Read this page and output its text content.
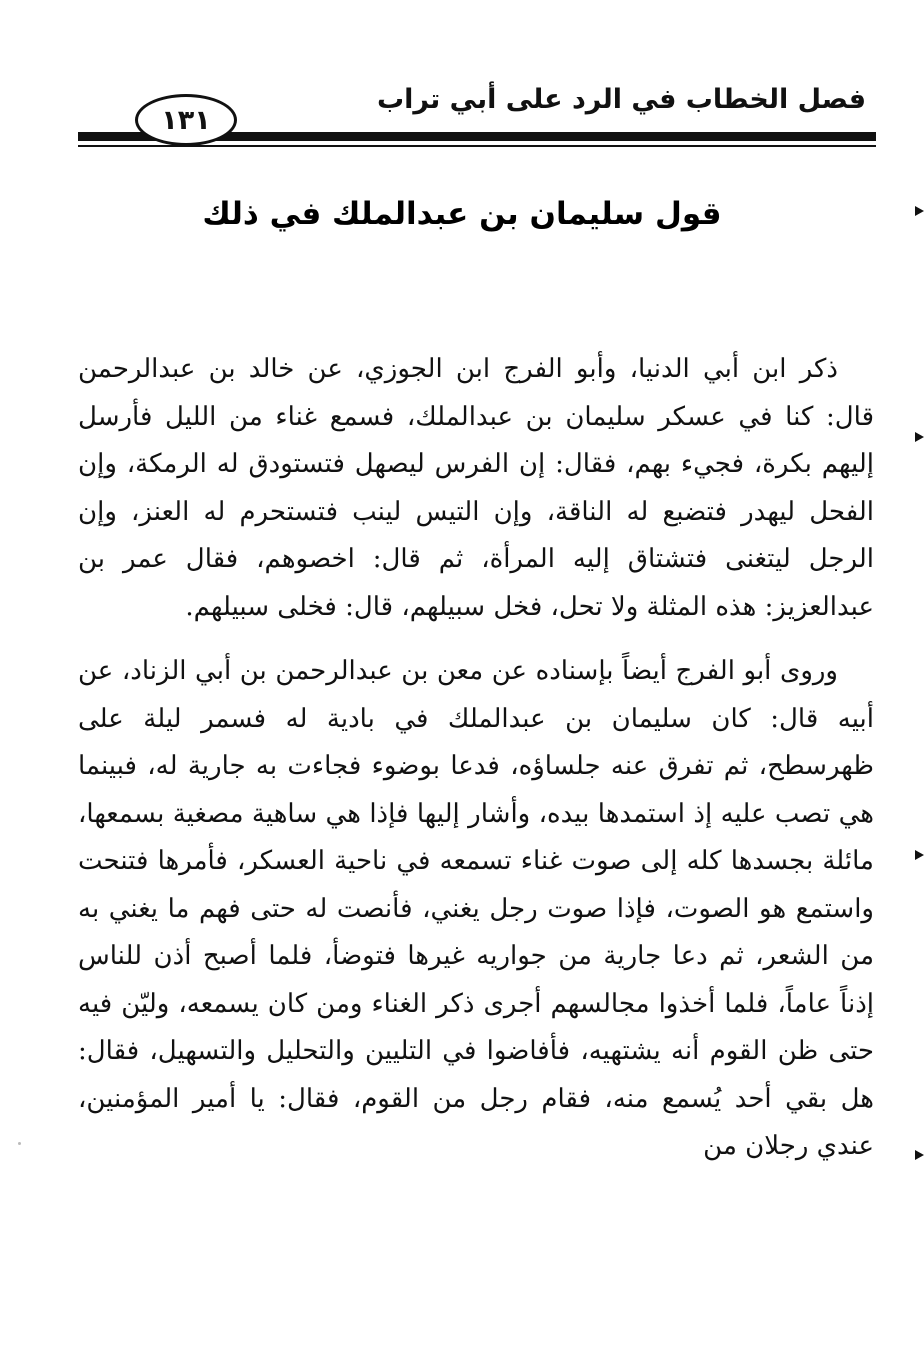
فصل الخطاب في الرد على أبي تراب
١٣١
قول سليمان بن عبدالملك في ذلك

ذكر ابن أبي الدنيا، وأبو الفرج ابن الجوزي، عن خالد بن عبدالرحمن قال: كنا في عسكر سليمان بن عبدالملك، فسمع غناء من الليل فأرسل إليهم بكرة، فجيء بهم، فقال: إن الفرس ليصهل فتستودق له الرمكة، وإن الفحل ليهدر فتضبع له الناقة، وإن التيس لينب فتستحرم له العنز، وإن الرجل ليتغنى فتشتاق إليه المرأة، ثم قال: اخصوهم، فقال عمر بن عبدالعزيز: هذه المثلة ولا تحل، فخل سبيلهم، قال: فخلى سبيلهم.

وروى أبو الفرج أيضاً بإسناده عن معن بن عبدالرحمن بن أبي الزناد، عن أبيه قال: كان سليمان بن عبدالملك في بادية له فسمر ليلة على ظهرسطح، ثم تفرق عنه جلساؤه، فدعا بوضوء فجاءت به جارية له، فبينما هي تصب عليه إذ استمدها بيده، وأشار إليها فإذا هي ساهية مصغية بسمعها، مائلة بجسدها كله إلى صوت غناء تسمعه في ناحية العسكر، فأمرها فتنحت واستمع هو الصوت، فإذا صوت رجل يغني، فأنصت له حتى فهم ما يغني به من الشعر، ثم دعا جارية من جواريه غيرها فتوضأ، فلما أصبح أذن للناس إذناً عاماً، فلما أخذوا مجالسهم أجرى ذكر الغناء ومن كان يسمعه، وليّن فيه حتى ظن القوم أنه يشتهيه، فأفاضوا في التليين والتحليل والتسهيل، فقال: هل بقي أحد يُسمع منه، فقام رجل من القوم، فقال: يا أمير المؤمنين، عندي رجلان من
